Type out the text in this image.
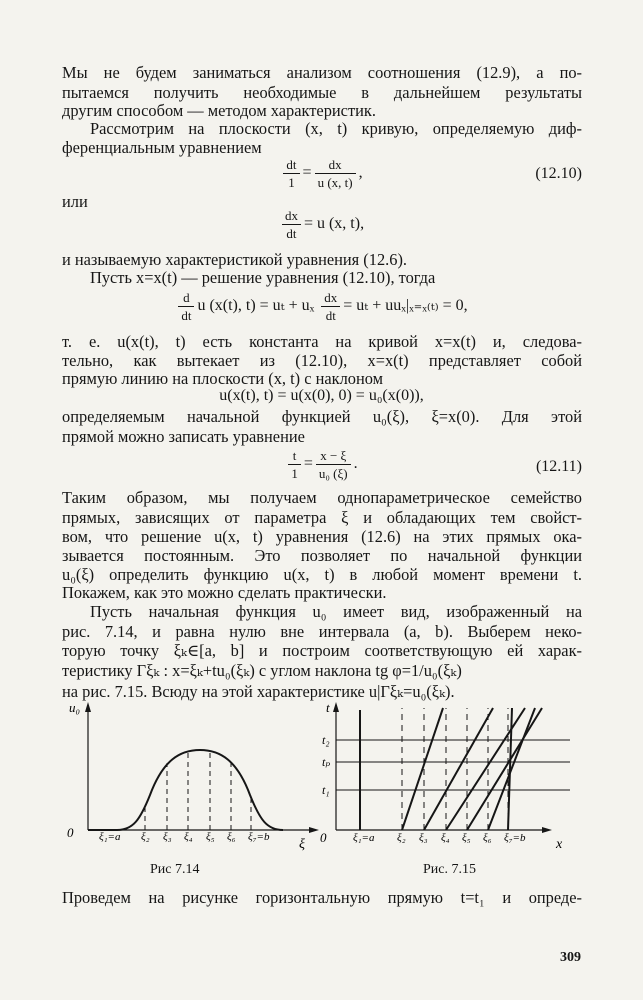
Мы не будем заниматься анализом соотношения (12.9), а по-
пытаемся получить необходимые в дальнейшем результаты
другим способом — методом характеристик.
Рассмотрим на плоскости (x, t) кривую, определяемую диф-
ференциальным уравнением
$\frac{dt}{1} = \frac{dx}{u (x, t)}$ ,	(12.10)
или
$\frac{dx}{dt} = u$ (x, t),
и называемую характеристикой уравнения (12.6).
Пусть x=x(t) — решение уравнения (12.10), тогда
$\frac{d}{dt}$ u (x(t), t) = uₜ + uₓ $\frac{dx}{dt} = u_t + uu_x|_{x=x(t)} = 0$,
т. е. u(x(t), t) есть константа на кривой x=x(t) и, следова-
тельно, как вытекает из (12.10), x=x(t) представляет собой
прямую линию на плоскости (x, t) с наклоном
u(x(t), t) = u(x(0), 0) = u₀(x(0)),
определяемым начальной функцией u₀(ξ), ξ=x(0). Для этой
прямой можно записать уравнение
$\frac{t}{1} = \frac{x - \xi}{\text{u₀ (ξ)}}$ .	(12.11)
Таким образом, мы получаем однопараметрическое семейство
прямых, зависящих от параметра ξ и обладающих тем свойст-
вом, что решение u(x, t) уравнения (12.6) на этих прямых ока-
зывается постоянным. Это позволяет по начальной функции
u₀(ξ) определить функцию u(x, t) в любой момент времени t.
Покажем, как это можно сделать практически.
Пусть начальная функция u₀ имеет вид, изображенный на
рис. 7.14, и равна нулю вне интервала (a, b). Выберем неко-
торую точку ξₖ∈[a, b] и построим соответствующую ей харак-
теристику Γξₖ : x=ξₖ+tu₀(ξₖ) с углом наклона tg φ=1/u₀(ξₖ)
на рис. 7.15. Всюду на этой характеристике u|Γξₖ=u₀(ξₖ).
u₀
0
ξ
ξ₁=a ξ₂ ξ₃ ξ₄ ξ₅ ξ₆ ξ₇=b
Рис 7.14
t
t₂
tₚ
t₁
0	x
ξ₁=a ξ₂ ξ₃ ξ₄ ξ₅ ξ₆ ξ₇=b
Рис. 7.15
Проведем на рисунке горизонтальную прямую t=t₁ и опреде-
309
